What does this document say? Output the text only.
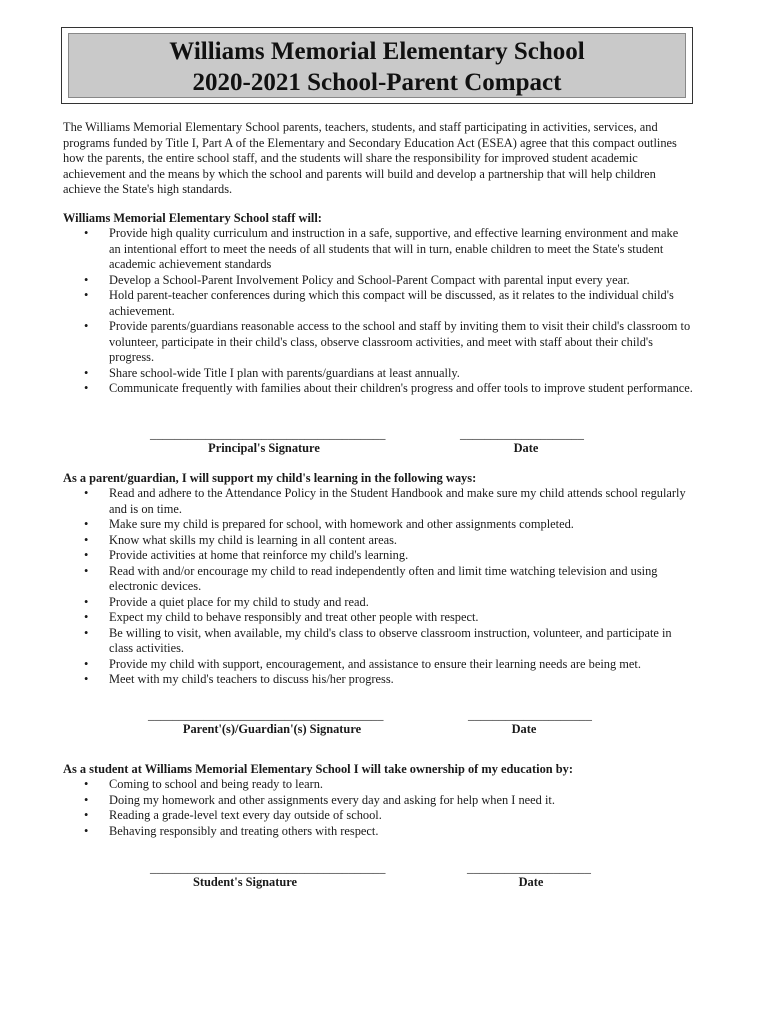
Williams Memorial Elementary School
2020-2021 School-Parent Compact

The Williams Memorial Elementary School parents, teachers, students, and staff participating in activities, services, and programs funded by Title I, Part A of the Elementary and Secondary Education Act (ESEA) agree that this compact outlines how the parents, the entire school staff, and the students will share the responsibility for improved student academic achievement and the means by which the school and parents will build and develop a partnership that will help children achieve the State's high standards.

Williams Memorial Elementary School staff will:

• Provide high quality curriculum and instruction in a safe, supportive, and effective learning environment and make an intentional effort to meet the needs of all students that will in turn, enable children to meet the State's student academic achievement standards
• Develop a School-Parent Involvement Policy and School-Parent Compact with parental input every year.
• Hold parent-teacher conferences during which this compact will be discussed, as it relates to the individual child's achievement.
• Provide parents/guardians reasonable access to the school and staff by inviting them to visit their child's classroom to volunteer, participate in their child's class, observe classroom activities, and meet with staff about their child's progress.
• Share school-wide Title I plan with parents/guardians at least annually.
• Communicate frequently with families about their children's progress and offer tools to improve student performance.
______________________________________	____________________
Principal's Signature	Date

As a parent/guardian, I will support my child's learning in the following ways:

• Read and adhere to the Attendance Policy in the Student Handbook and make sure my child attends school regularly and is on time.
• Make sure my child is prepared for school, with homework and other assignments completed.
• Know what skills my child is learning in all content areas.
• Provide activities at home that reinforce my child's learning.
• Read with and/or encourage my child to read independently often and limit time watching television and using electronic devices.
• Provide a quiet place for my child to study and read.
• Expect my child to behave responsibly and treat other people with respect.
• Be willing to visit, when available, my child's class to observe classroom instruction, volunteer, and participate in class activities.
• Provide my child with support, encouragement, and assistance to ensure their learning needs are being met.
• Meet with my child's teachers to discuss his/her progress.
______________________________________	____________________
Parent'(s)/Guardian'(s) Signature	Date

As a student at Williams Memorial Elementary School I will take ownership of my education by:

• Coming to school and being ready to learn.
• Doing my homework and other assignments every day and asking for help when I need it.
• Reading a grade-level text every day outside of school.
• Behaving responsibly and treating others with respect.
______________________________________	____________________
Student's Signature	Date
